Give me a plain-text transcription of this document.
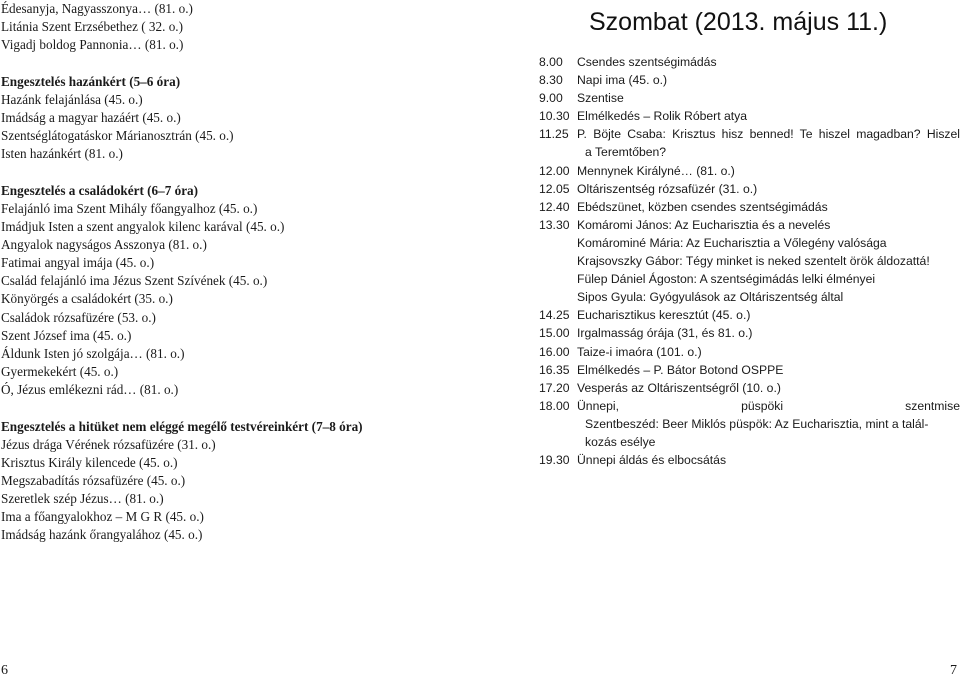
Édesanyja, Nagyasszonya… (81. o.)
Litánia Szent Erzsébethez ( 32. o.)
Vigadj boldog Pannonia… (81. o.)
Engesztelés hazánkért (5–6 óra)
Hazánk felajánlása (45. o.)
Imádság a magyar hazáért (45. o.)
Szentséglátogatáskor Márianosztrán (45. o.)
Isten hazánkért (81. o.)
Engesztelés a családokért (6–7 óra)
Felajánló ima Szent Mihály főangyalhoz (45. o.)
Imádjuk Isten a szent angyalok kilenc karával (45. o.)
Angyalok nagyságos Asszonya (81. o.)
Fatimai angyal imája (45. o.)
Család felajánló ima Jézus Szent Szívének (45. o.)
Könyörgés a családokért (35. o.)
Családok rózsafüzére (53. o.)
Szent József ima (45. o.)
Áldunk Isten jó szolgája… (81. o.)
Gyermekekért (45. o.)
Ó, Jézus emlékezni rád… (81. o.)
Engesztelés a hitüket nem eléggé megélő testvéreinkért (7–8 óra)
Jézus drága Vérének rózsafüzére (31. o.)
Krisztus Király kilencede (45. o.)
Megszabadítás rózsafüzére (45. o.)
Szeretlek szép Jézus… (81. o.)
Ima a főangyalokhoz – M G R (45. o.)
Imádság hazánk őrangyalához (45. o.)
Szombat (2013. május 11.)
8.00	Csendes szentségimádás
8.30	Napi ima (45. o.)
9.00	Szentise
10.30 Elmélkedés – Rolik Róbert atya
11.25 P. Böjte Csaba: Krisztus hisz benned! Te hiszel magadban? Hiszel
a Teremtőben?
12.00 Mennynek Királyné… (81. o.)
12.05 Oltáriszentség rózsafüzér (31. o.)
12.40 Ebédszünet, közben csendes szentségimádás
13.30 Komáromi János: Az Eucharisztia és a nevelés
Komárominé Mária: Az Eucharisztia a Vőlegény valósága
Krajsovszky Gábor: Tégy minket is neked szentelt örök áldozattá!
Fülep Dániel Ágoston: A szentségimádás lelki élményei
Sipos Gyula: Gyógyulások az Oltáriszentség által
14.25 Eucharisztikus keresztút (45. o.)
15.00 Irgalmasság órája (31, és 81. o.)
16.00 Taize-i imaóra (101. o.)
16.35 Elmélkedés – P. Bátor Botond OSPPE
17.20 Vesperás az Oltáriszentségről (10. o.)
18.00 Ünnepi, püspöki szentmise
Szentbeszéd: Beer Miklós püspök: Az Eucharisztia, mint a talál-
kozás esélye
19.30 Ünnepi áldás és elbocsátás
6	7
